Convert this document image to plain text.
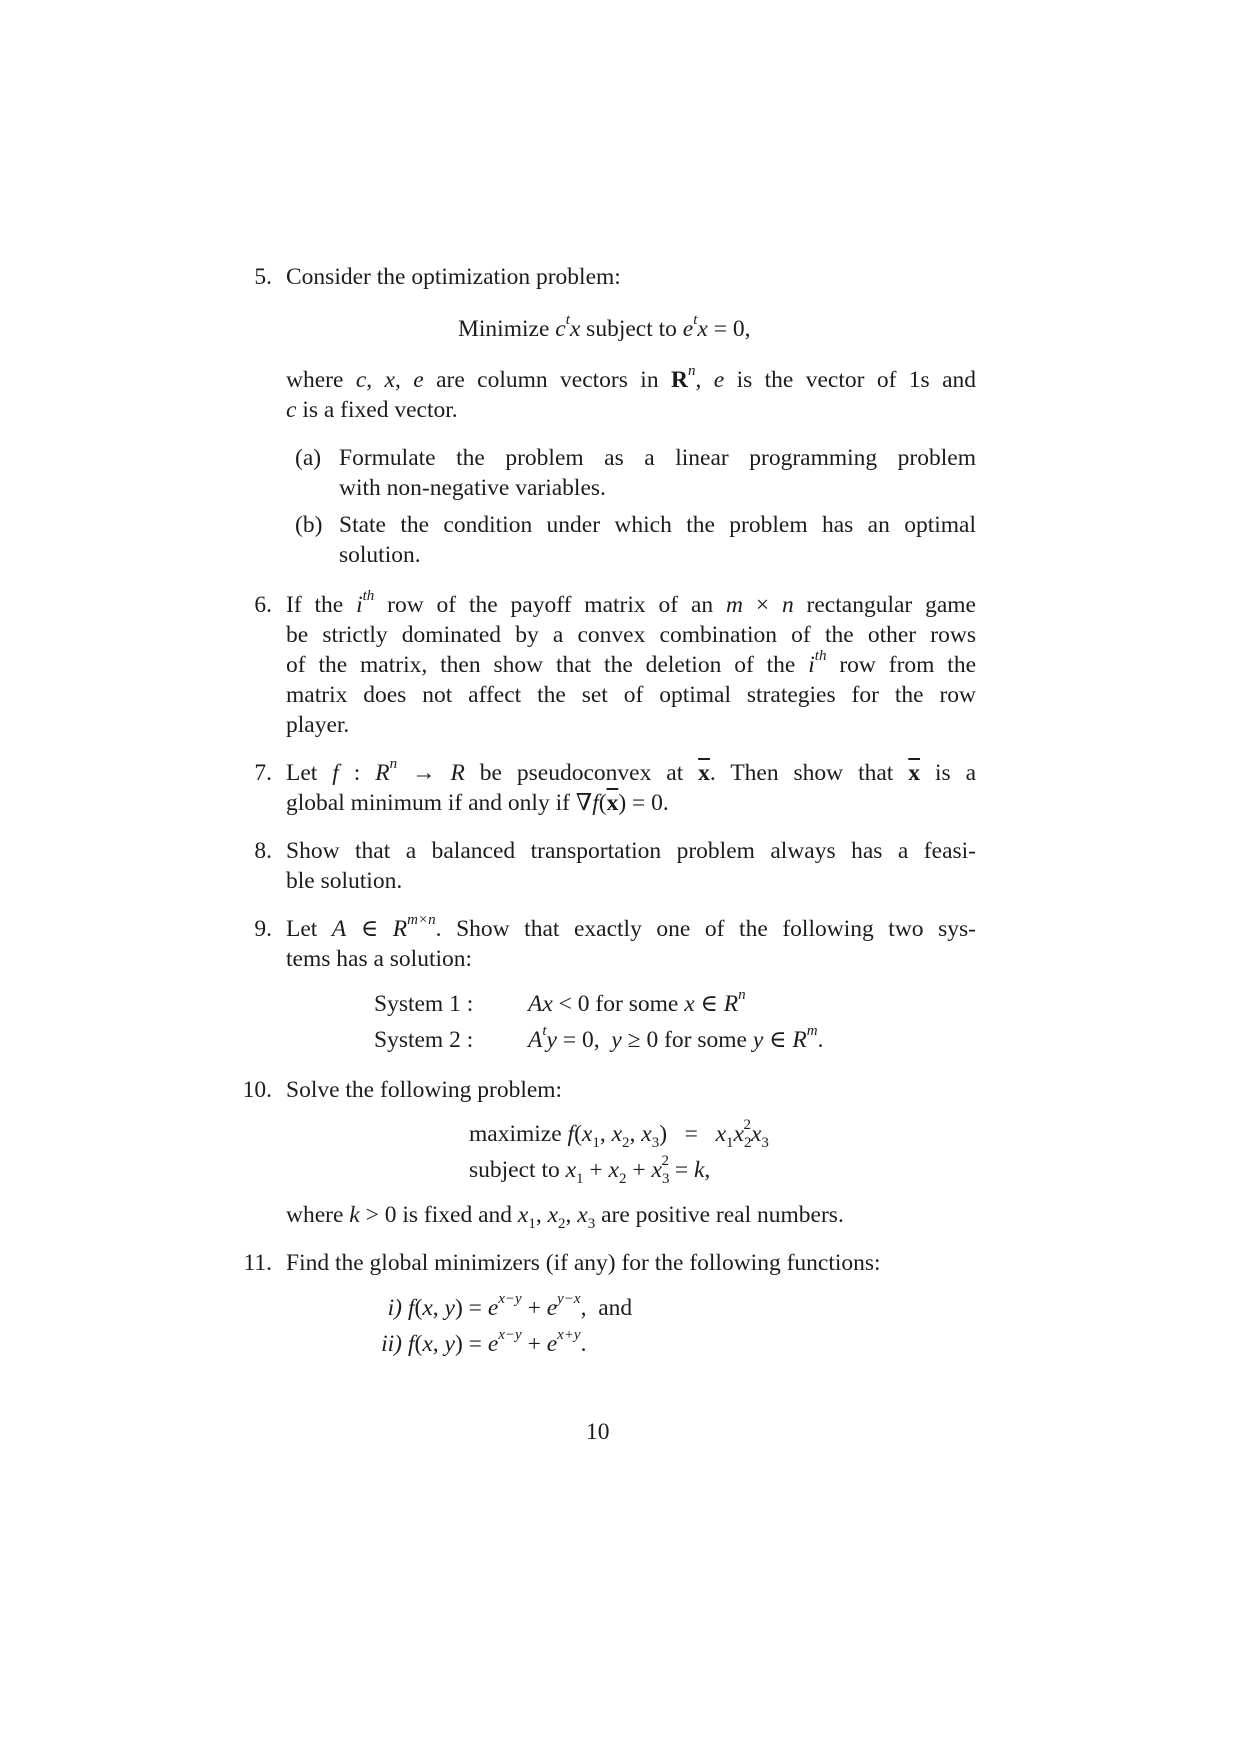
5. Consider the optimization problem:
Minimize $c^tx$ subject to $e^tx = 0$,
where c, x, e are column vectors in $R^n$, e is the vector of 1s and
c is a fixed vector.
(a) Formulate the problem as a linear programming problem
with non-negative variables.
(b) State the condition under which the problem has an optimal
solution.
6. If the $i^{th}$ row of the payoff matrix of an m × n rectangular game
be strictly dominated by a convex combination of the other rows
of the matrix, then show that the deletion of the $i^{th}$ row from the
matrix does not affect the set of optimal strategies for the row
player.
7. Let f : $R^n \to R$ be pseudoconvex at $\overline{x}$. Then show that $\overline{x}$ is a
global minimum if and only if $\nabla f(\overline{x}) = 0$.
8. Show that a balanced transportation problem always has a feasi-
ble solution.
9. Let A ∈ $R^{m\times n}$. Show that exactly one of the following two sys-
tems has a solution:
System 1 : Ax < 0 for some x ∈ $R^n$
System 2 : $A^ty = 0$,  y ≥ 0 for some y ∈ $R^m$.
10. Solve the following problem:
maximize $f(x_1$, $x_2$, $x_3) = x_1x_2^2x_3$
subject to $x_1 + x_2 + x_3^2 = k$,
where k > 0 is fixed and $x_1$, $x_2$, $x_3$ are positive real numbers.
11. Find the global minimizers (if any) for the following functions:
i) f(x, $y) = e^{x-y} + e^{y-x}$,  and
ii) f(x, $y) = e^{x-y} + e^{x+y}$.
10
